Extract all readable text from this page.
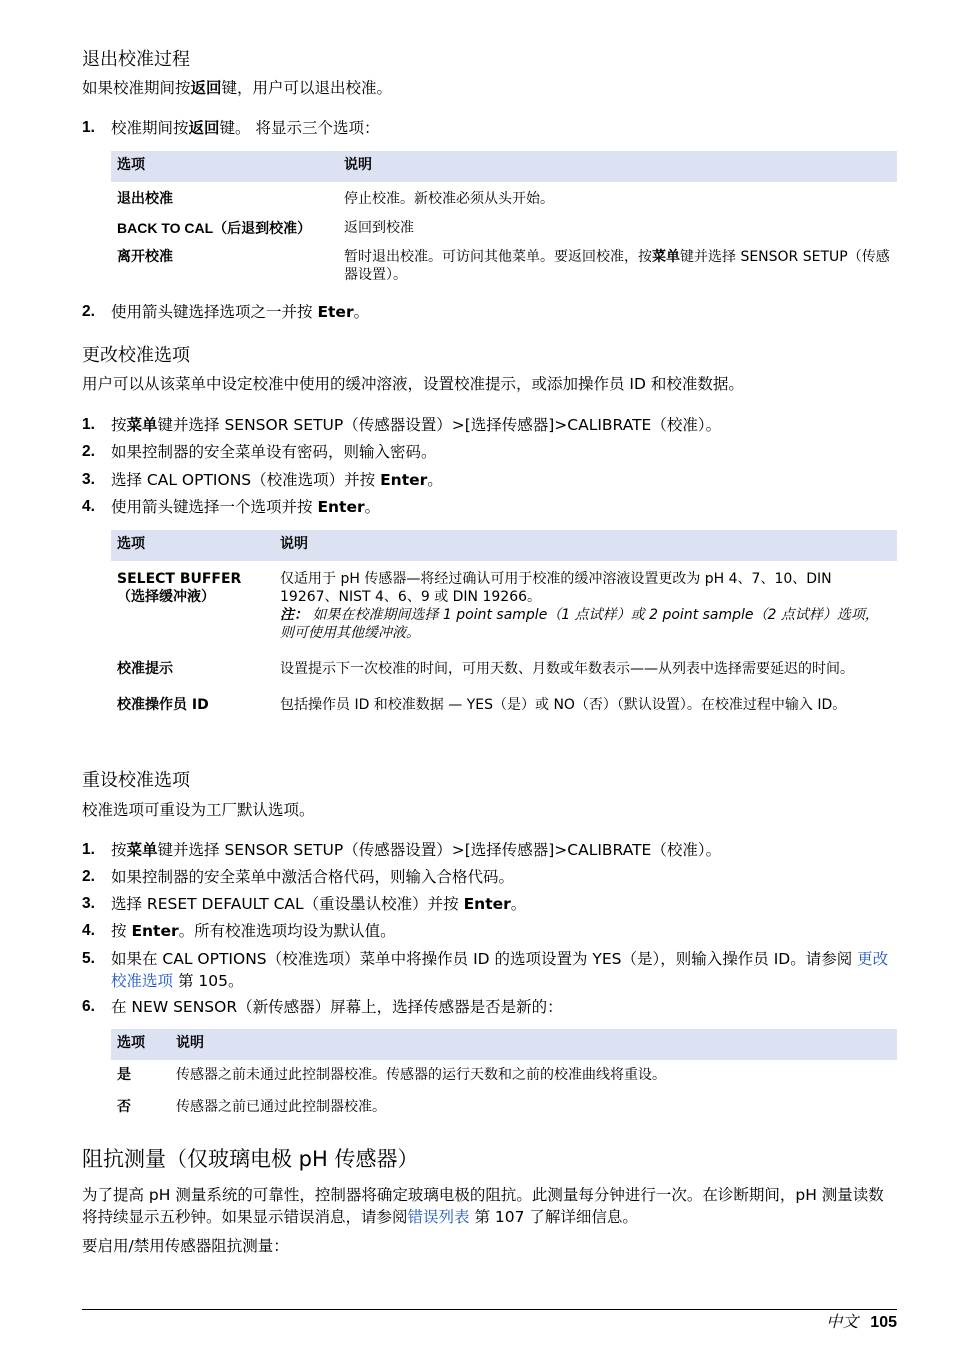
退出校准过程
如果校准期间按返回键，用户可以退出校准。
1. 校准期间按返回键。 将显示三个选项：
选项	说明
退出校准	停止校准。新校准必须从头开始。
BACK TO CAL（后退到校准）	返回到校准
离开校准	暂时退出校准。可访问其他菜单。要返回校准，按菜单键并选择 SENSOR SETUP（传感器设置）。
2. 使用箭头键选择选项之一并按 Eter。
更改校准选项
用户可以从该菜单中设定校准中使用的缓冲溶液，设置校准提示，或添加操作员 ID 和校准数据。
1. 按菜单键并选择 SENSOR SETUP（传感器设置）>[选择传感器]>CALIBRATE（校准）。
2. 如果控制器的安全菜单设有密码，则输入密码。
3. 选择 CAL OPTIONS（校准选项）并按 Enter。
4. 使用箭头键选择一个选项并按 Enter。
选项	说明
SELECT BUFFER（选择缓冲液）	仅适用于 pH 传感器—将经过确认可用于校准的缓冲溶液设置更改为 pH 4、7、10、DIN 19267、NIST 4、6、9 或 DIN 19266。
注： 如果在校准期间选择 1 point sample（1 点试样）或 2 point sample（2 点试样）选项，则可使用其他缓冲液。

校准提示	设置提示下一次校准的时间，可用天数、月数或年数表示——从列表中选择需要延迟的时间。
校准操作员 ID	包括操作员 ID 和校准数据 — YES（是）或 NO（否）（默认设置）。在校准过程中输入 ID。
重设校准选项
校准选项可重设为工厂默认选项。
1. 按菜单键并选择 SENSOR SETUP（传感器设置）>[选择传感器]>CALIBRATE（校准）。
2. 如果控制器的安全菜单中激活合格代码，则输入合格代码。
3. 选择 RESET DEFAULT CAL（重设墨认校准）并按 Enter。
4. 按 Enter。所有校准选项均设为默认值。
5. 如果在 CAL OPTIONS（校准选项）菜单中将操作员 ID 的选项设置为 YES（是），则输入操作员 ID。请参阅 更改校准选项 第 105。
6. 在 NEW SENSOR（新传感器）屏幕上，选择传感器是否是新的：
选项	说明
是	传感器之前未通过此控制器校准。传感器的运行天数和之前的校准曲线将重设。
否	传感器之前已通过此控制器校准。
阻抗测量（仅玻璃电极 pH 传感器）
为了提高 pH 测量系统的可靠性，控制器将确定玻璃电极的阻抗。此测量每分钟进行一次。在诊断期间，pH 测量读数将持续显示五秒钟。如果显示错误消息，请参阅错误列表 第 107 了解详细信息。
要启用/禁用传感器阻抗测量：
中文 105
